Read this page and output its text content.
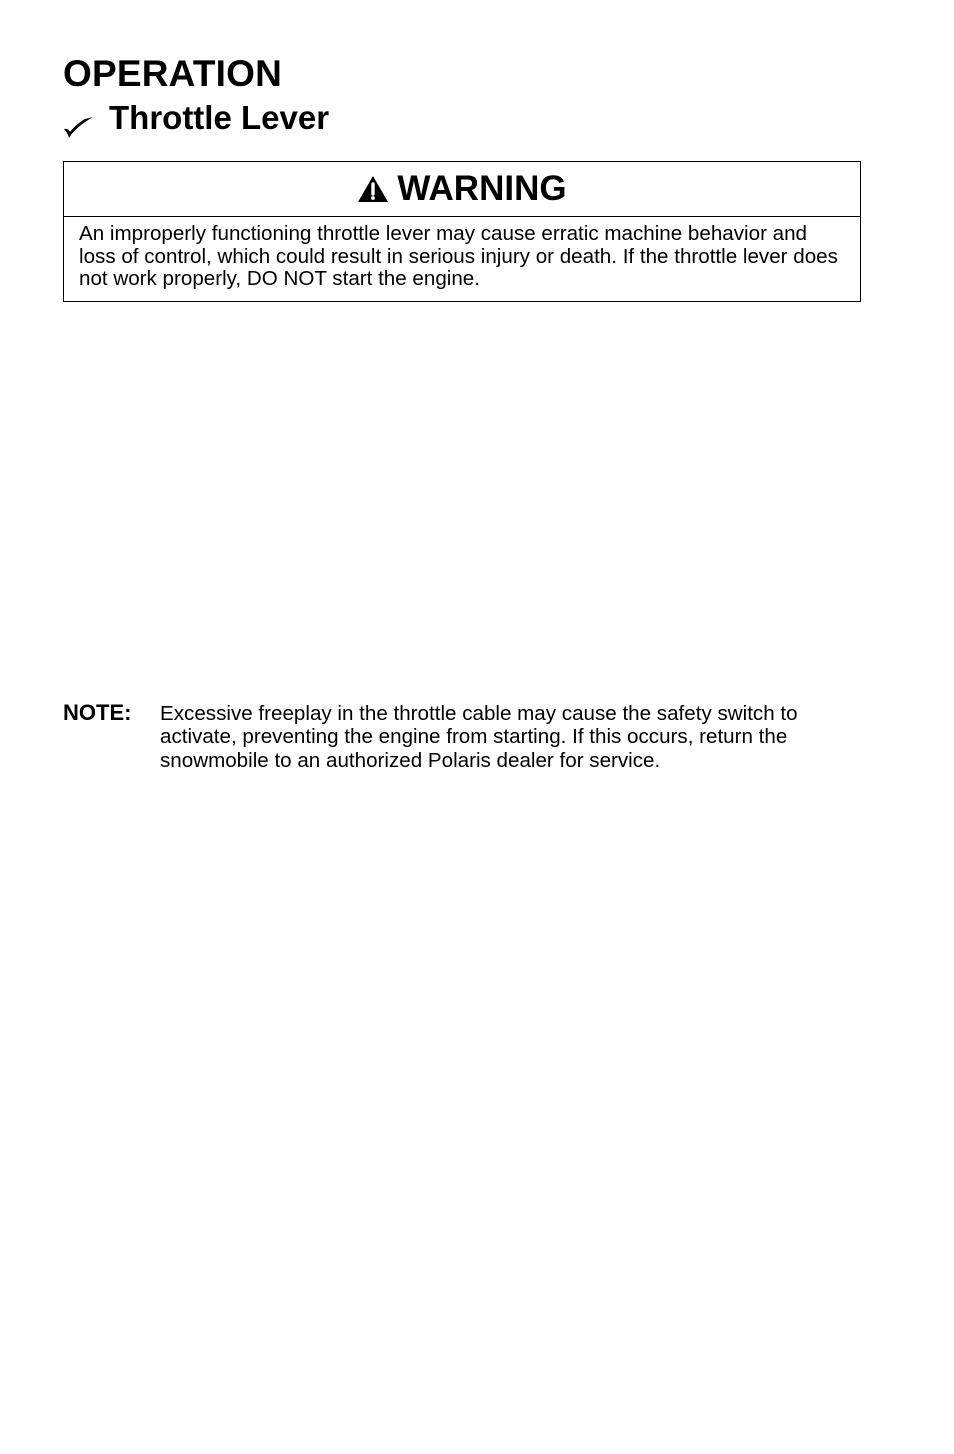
OPERATION
Throttle Lever
WARNING

An improperly functioning throttle lever may cause erratic machine behavior and loss of control, which could result in serious injury or death. If the throttle lever does not work properly, DO NOT start the engine.

NOTE: Excessive freeplay in the throttle cable may cause the safety switch to activate, preventing the engine from starting. If this occurs, return the snowmobile to an authorized Polaris dealer for service.
